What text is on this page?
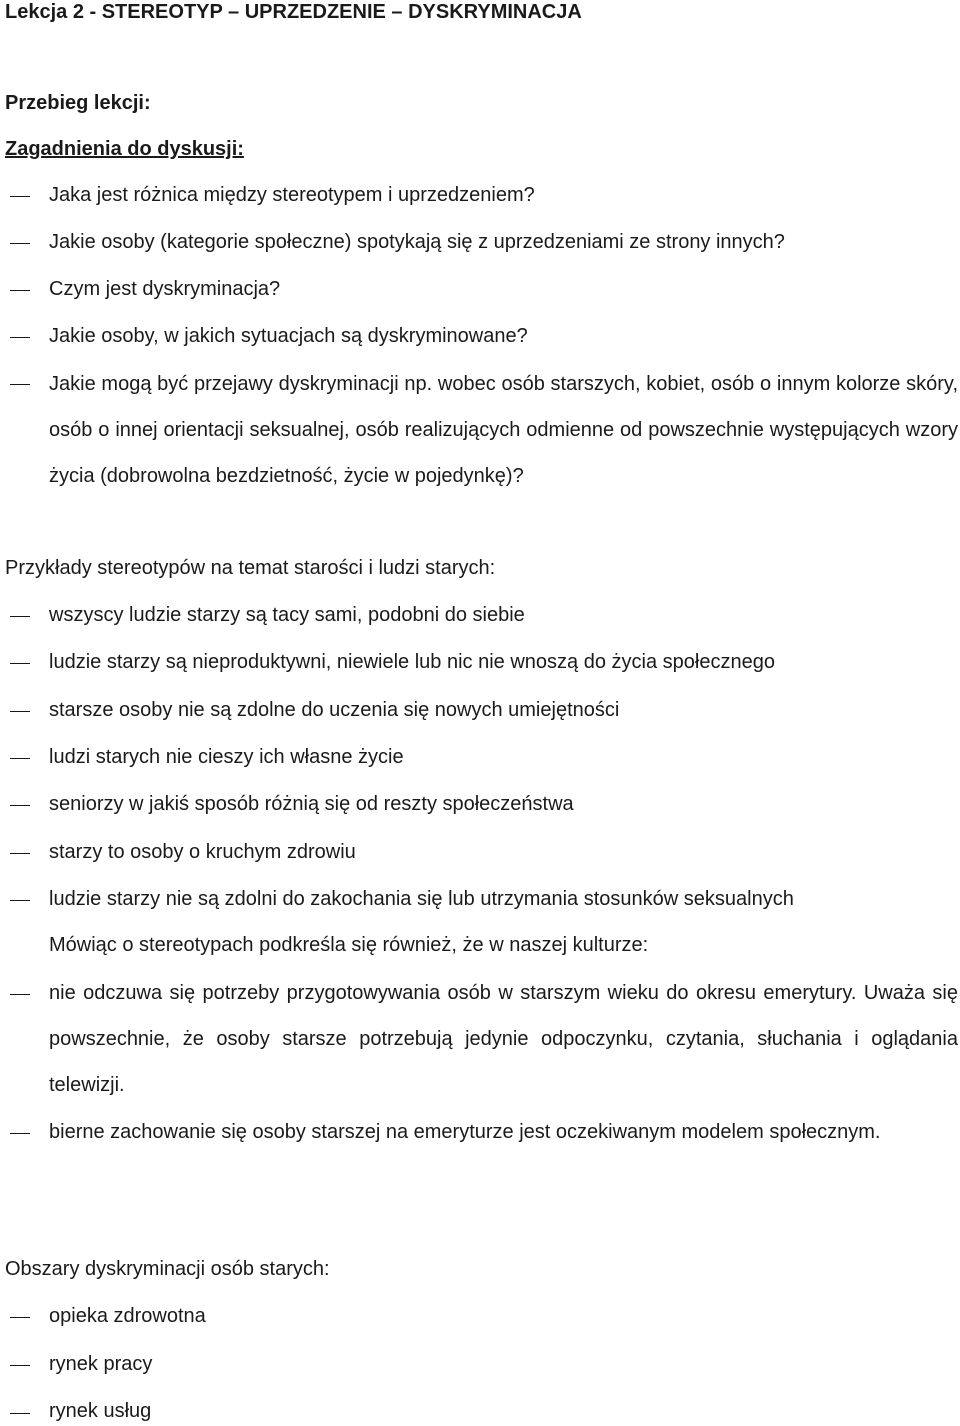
Lekcja 2 - STEREOTYP – UPRZEDZENIE – DYSKRYMINACJA
Przebieg lekcji:
Zagadnienia do dyskusji:
Jaka jest różnica między stereotypem i uprzedzeniem?
Jakie osoby (kategorie społeczne) spotykają się z uprzedzeniami ze strony innych?
Czym jest dyskryminacja?
Jakie osoby, w jakich sytuacjach są dyskryminowane?
Jakie mogą być przejawy dyskryminacji np. wobec osób starszych, kobiet, osób o innym kolorze skóry, osób o innej orientacji seksualnej, osób realizujących odmienne od powszechnie występujących wzory życia (dobrowolna bezdzietność, życie w pojedynkę)?
Przykłady stereotypów na temat starości i ludzi starych:
wszyscy ludzie starzy są tacy sami, podobni do siebie
ludzie starzy są nieproduktywni, niewiele lub nic nie wnoszą do życia społecznego
starsze osoby nie są zdolne do uczenia się nowych umiejętności
ludzi starych nie cieszy ich własne życie
seniorzy w jakiś sposób różnią się od reszty społeczeństwa
starzy to osoby o kruchym zdrowiu
ludzie starzy nie są zdolni do zakochania się lub utrzymania stosunków seksualnych
Mówiąc o stereotypach podkreśla się również, że w naszej kulturze:
nie odczuwa się potrzeby przygotowywania osób w starszym wieku do okresu emerytury. Uważa się powszechnie, że osoby starsze potrzebują jedynie odpoczynku, czytania, słuchania i oglądania telewizji.
bierne zachowanie się osoby starszej na emeryturze jest oczekiwanym modelem społecznym.
Obszary dyskryminacji osób starych:
opieka zdrowotna
rynek pracy
rynek usług
